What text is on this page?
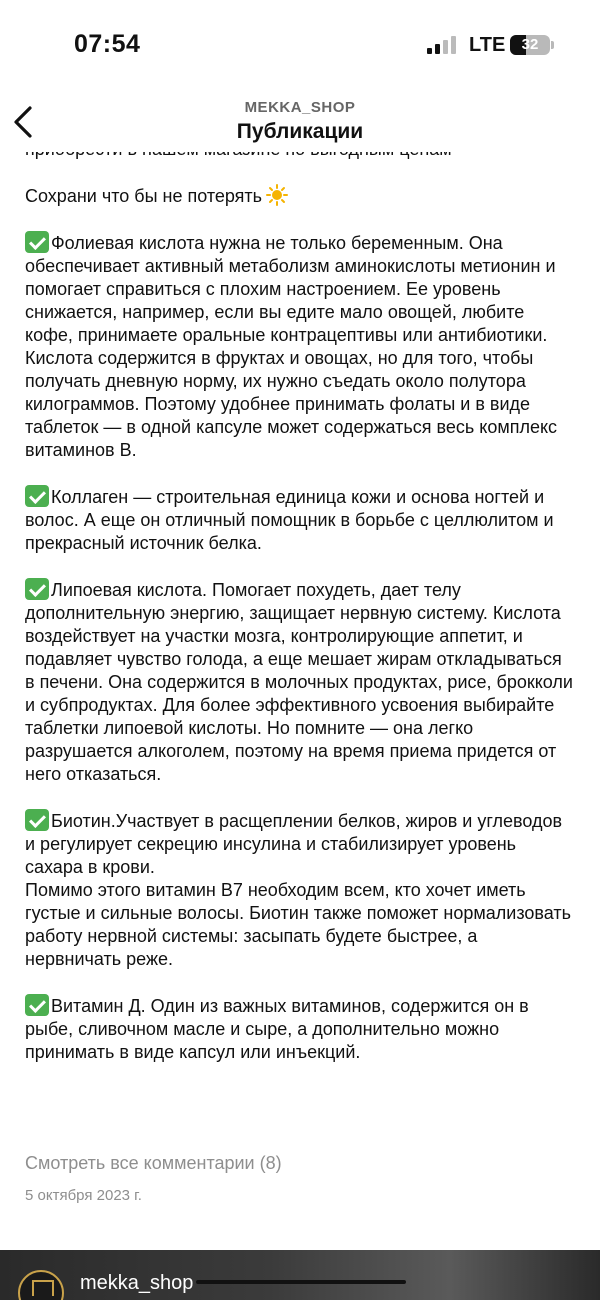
07:54	LTE	32
MEKKA_SHOP
Публикации
Сохрани что бы не потерять
Фолиевая кислота нужна не только беременным. Она обеспечивает активный метаболизм аминокислоты метионин и помогает справиться с плохим настроением. Ее уровень снижается, например, если вы едите мало овощей, любите кофе, принимаете оральные контрацептивы или антибиотики. Кислота содержится в фруктах и овощах, но для того, чтобы получать дневную норму, их нужно съедать около полутора килограммов. Поэтому удобнее принимать фолаты и в виде таблеток — в одной капсуле может содержаться весь комплекс витаминов В.
Коллаген — строительная единица кожи и основа ногтей и волос. А еще он отличный помощник в борьбе с целлюлитом и прекрасный источник белка.
Липоевая кислота. Помогает похудеть, дает телу дополнительную энергию, защищает нервную систему. Кислота воздействует на участки мозга, контролирующие аппетит, и подавляет чувство голода, а еще мешает жирам откладываться в печени. Она содержится в молочных продуктах, рисе, брокколи и субпродуктах. Для более эффективного усвоения выбирайте таблетки липоевой кислоты. Но помните — она легко разрушается алкоголем, поэтому на время приема придется от него отказаться.
Биотин.Участвует в расщеплении белков, жиров и углеводов и регулирует секрецию инсулина и стабилизирует уровень сахара в крови.
Помимо этого витамин В7 необходим всем, кто хочет иметь густые и сильные волосы. Биотин также поможет нормализовать работу нервной системы: засыпать будете быстрее, а нервничать реже.
Витамин Д. Один из важных витаминов, содержится он в рыбе, сливочном масле и сыре, а дополнительно можно принимать в виде капсул или инъекций.
Смотреть все комментарии (8)
5 октября 2023 г.
mekka_shop
